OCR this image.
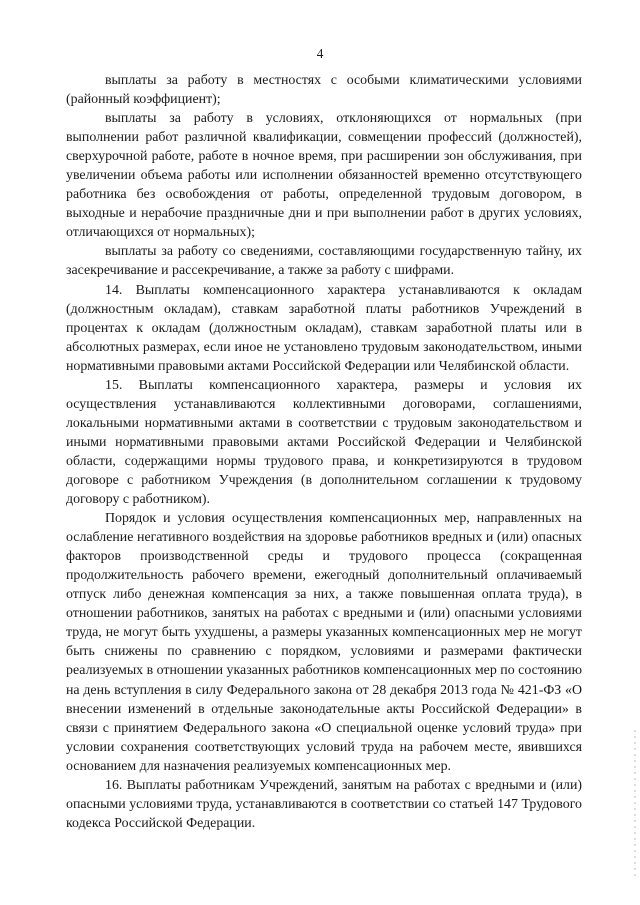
4

выплаты за работу в местностях с особыми климатическими условиями (районный коэффициент);

выплаты за работу в условиях, отклоняющихся от нормальных (при выполнении работ различной квалификации, совмещении профессий (должностей), сверхурочной работе, работе в ночное время, при расширении зон обслуживания, при увеличении объема работы или исполнении обязанностей временно отсутствующего работника без освобождения от работы, определенной трудовым договором, в выходные и нерабочие праздничные дни и при выполнении работ в других условиях, отличающихся от нормальных);

выплаты за работу со сведениями, составляющими государственную тайну, их засекречивание и рассекречивание, а также за работу с шифрами.

14. Выплаты компенсационного характера устанавливаются к окладам (должностным окладам), ставкам заработной платы работников Учреждений в процентах к окладам (должностным окладам), ставкам заработной платы или в абсолютных размерах, если иное не установлено трудовым законодательством, иными нормативными правовыми актами Российской Федерации или Челябинской области.

15. Выплаты компенсационного характера, размеры и условия их осуществления устанавливаются коллективными договорами, соглашениями, локальными нормативными актами в соответствии с трудовым законодательством и иными нормативными правовыми актами Российской Федерации и Челябинской области, содержащими нормы трудового права, и конкретизируются в трудовом договоре с работником Учреждения (в дополнительном соглашении к трудовому договору с работником).

Порядок и условия осуществления компенсационных мер, направленных на ослабление негативного воздействия на здоровье работников вредных и (или) опасных факторов производственной среды и трудового процесса (сокращенная продолжительность рабочего времени, ежегодный дополнительный оплачиваемый отпуск либо денежная компенсация за них, а также повышенная оплата труда), в отношении работников, занятых на работах с вредными и (или) опасными условиями труда, не могут быть ухудшены, а размеры указанных компенсационных мер не могут быть снижены по сравнению с порядком, условиями и размерами фактически реализуемых в отношении указанных работников компенсационных мер по состоянию на день вступления в силу Федерального закона от 28 декабря 2013 года № 421-ФЗ «О внесении изменений в отдельные законодательные акты Российской Федерации» в связи с принятием Федерального закона «О специальной оценке условий труда» при условии сохранения соответствующих условий труда на рабочем месте, явившихся основанием для назначения реализуемых компенсационных мер.

16. Выплаты работникам Учреждений, занятым на работах с вредными и (или) опасными условиями труда, устанавливаются в соответствии со статьей 147 Трудового кодекса Российской Федерации.
